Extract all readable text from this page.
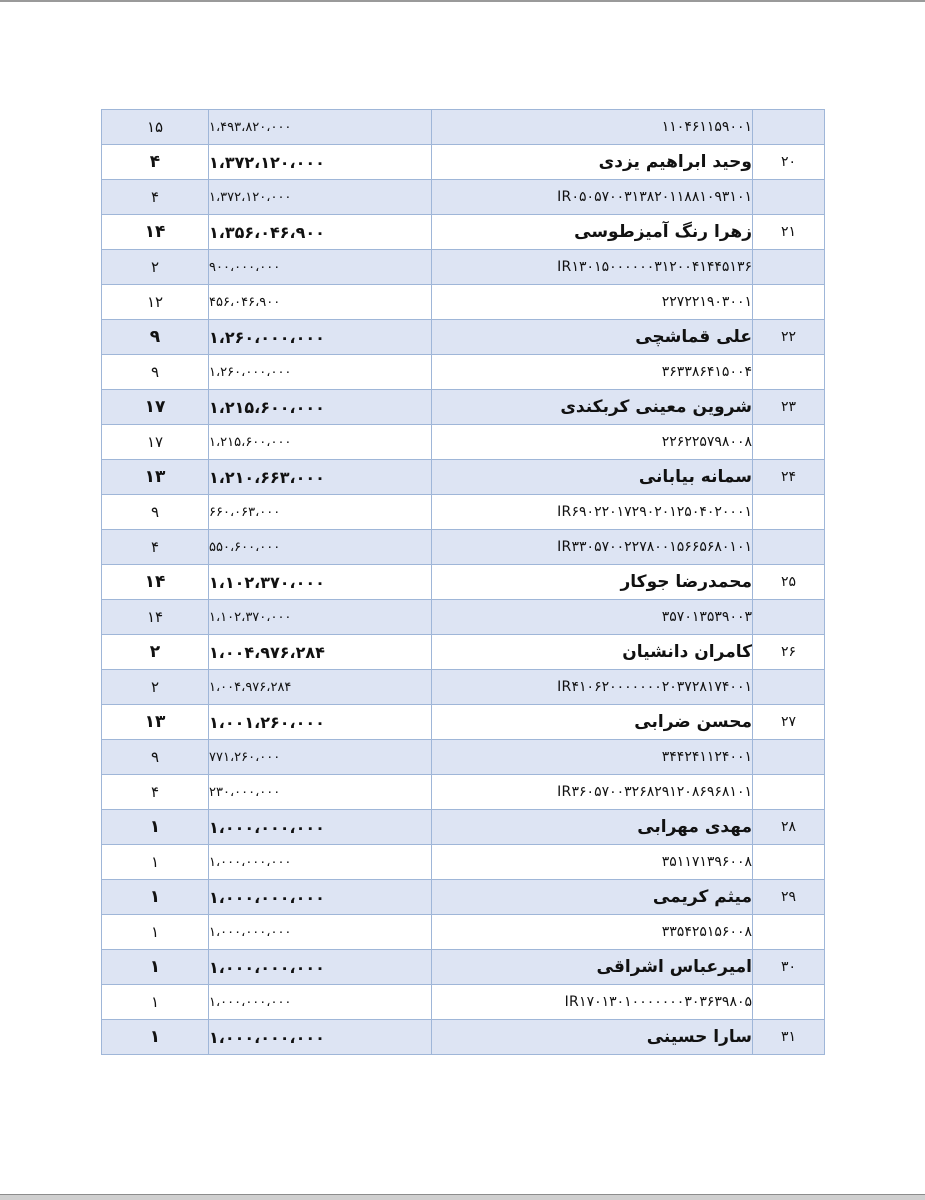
۱۵	۱،۴۹۳،۸۲۰،۰۰۰	۱۱۰۴۶۱۱۵۹۰۰۱	
۴	۱،۳۷۲،۱۲۰،۰۰۰	وحید ابراهیم یزدی	۲۰
۴	۱،۳۷۲،۱۲۰،۰۰۰	IR۰۵۰۵۷۰۰۳۱۳۸۲۰۱۱۸۸۱۰۹۳۱۰۱	
۱۴	۱،۳۵۶،۰۴۶،۹۰۰	زهرا رنگ آمیزطوسی	۲۱
۲	۹۰۰،۰۰۰،۰۰۰	IR۱۳۰۱۵۰۰۰۰۰۰۳۱۲۰۰۴۱۴۴۵۱۳۶	
۱۲	۴۵۶،۰۴۶،۹۰۰	۲۲۷۲۲۱۹۰۳۰۰۱	
۹	۱،۲۶۰،۰۰۰،۰۰۰	علی قماشچی	۲۲
۹	۱،۲۶۰،۰۰۰،۰۰۰	۳۶۳۳۸۶۴۱۵۰۰۴	
۱۷	۱،۲۱۵،۶۰۰،۰۰۰	شروین معینی کربکندی	۲۳
۱۷	۱،۲۱۵،۶۰۰،۰۰۰	۲۲۶۲۲۵۷۹۸۰۰۸	
۱۳	۱،۲۱۰،۶۶۳،۰۰۰	سمانه بیابانی	۲۴
۹	۶۶۰،۰۶۳،۰۰۰	IR۶۹۰۲۲۰۱۷۲۹۰۲۰۱۲۵۰۴۰۲۰۰۰۱	
۴	۵۵۰،۶۰۰،۰۰۰	IR۳۳۰۵۷۰۰۲۲۷۸۰۰۱۵۶۶۵۶۸۰۱۰۱	
۱۴	۱،۱۰۲،۳۷۰،۰۰۰	محمدرضا جوکار	۲۵
۱۴	۱،۱۰۲،۳۷۰،۰۰۰	۳۵۷۰۱۳۵۳۹۰۰۳	
۲	۱،۰۰۴،۹۷۶،۲۸۴	کامران دانشیان	۲۶
۲	۱،۰۰۴،۹۷۶،۲۸۴	IR۴۱۰۶۲۰۰۰۰۰۰۰۲۰۳۷۲۸۱۷۴۰۰۱	
۱۳	۱،۰۰۱،۲۶۰،۰۰۰	محسن ضرابی	۲۷
۹	۷۷۱،۲۶۰،۰۰۰	۳۴۴۲۴۱۱۲۴۰۰۱	
۴	۲۳۰،۰۰۰،۰۰۰	IR۳۶۰۵۷۰۰۳۲۶۸۲۹۱۲۰۸۶۹۶۸۱۰۱	
۱	۱،۰۰۰،۰۰۰،۰۰۰	مهدی مهرابی	۲۸
۱	۱،۰۰۰،۰۰۰،۰۰۰	۳۵۱۱۷۱۳۹۶۰۰۸	
۱	۱،۰۰۰،۰۰۰،۰۰۰	میثم کریمی	۲۹
۱	۱،۰۰۰،۰۰۰،۰۰۰	۳۳۵۴۲۵۱۵۶۰۰۸	
۱	۱،۰۰۰،۰۰۰،۰۰۰	امیرعباس اشراقی	۳۰
۱	۱،۰۰۰،۰۰۰،۰۰۰	IR۱۷۰۱۳۰۱۰۰۰۰۰۰۰۳۰۳۶۳۹۸۰۵	
۱	۱،۰۰۰،۰۰۰،۰۰۰	سارا حسینی	۳۱
